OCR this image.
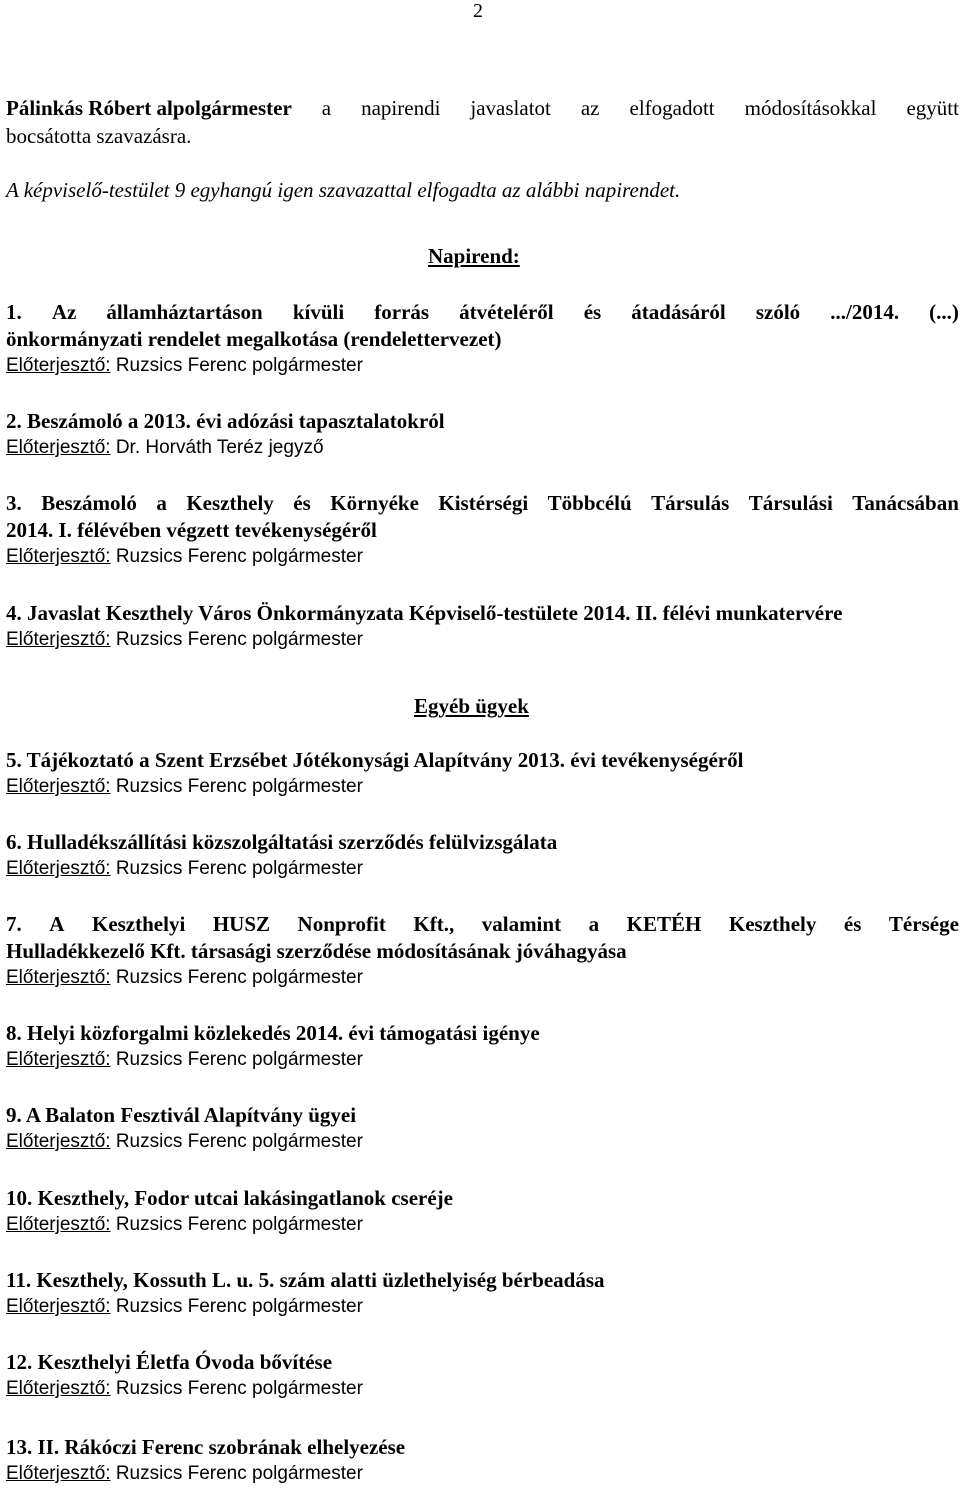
2
Pálinkás Róbert alpolgármester a napirendi javaslatot az elfogadott módosításokkal együtt
bocsátotta szavazásra.
A képviselő-testület 9 egyhangú igen szavazattal elfogadta az alábbi napirendet.
Napirend:
1. Az államháztartáson kívüli forrás átvételéről és átadásáról szóló .../2014. (...)
önkormányzati rendelet megalkotása (rendelettervezet)
Előterjesztő: Ruzsics Ferenc polgármester
2. Beszámoló a 2013. évi adózási tapasztalatokról
Előterjesztő: Dr. Horváth Teréz jegyző
3. Beszámoló a Keszthely és Környéke Kistérségi Többcélú Társulás Társulási Tanácsában
2014. I. félévében végzett tevékenységéről
Előterjesztő: Ruzsics Ferenc polgármester
4. Javaslat Keszthely Város Önkormányzata Képviselő-testülete 2014. II. félévi munkatervére
Előterjesztő: Ruzsics Ferenc polgármester
Egyéb ügyek
5. Tájékoztató a Szent Erzsébet Jótékonysági Alapítvány 2013. évi tevékenységéről
Előterjesztő: Ruzsics Ferenc polgármester
6. Hulladékszállítási közszolgáltatási szerződés felülvizsgálata
Előterjesztő: Ruzsics Ferenc polgármester
7. A Keszthelyi HUSZ Nonprofit Kft., valamint a KETÉH Keszthely és Térsége
Hulladékkezelő Kft. társasági szerződése módosításának jóváhagyása
Előterjesztő: Ruzsics Ferenc polgármester
8. Helyi közforgalmi közlekedés 2014. évi támogatási igénye
Előterjesztő: Ruzsics Ferenc polgármester
9. A Balaton Fesztivál Alapítvány ügyei
Előterjesztő: Ruzsics Ferenc polgármester
10. Keszthely, Fodor utcai lakásingatlanok cseréje
Előterjesztő: Ruzsics Ferenc polgármester
11. Keszthely, Kossuth L. u. 5. szám alatti üzlethelyiség bérbeadása
Előterjesztő: Ruzsics Ferenc polgármester
12. Keszthelyi Életfa Óvoda bővítése
Előterjesztő: Ruzsics Ferenc polgármester
13. II. Rákóczi Ferenc szobrának elhelyezése
Előterjesztő: Ruzsics Ferenc polgármester
